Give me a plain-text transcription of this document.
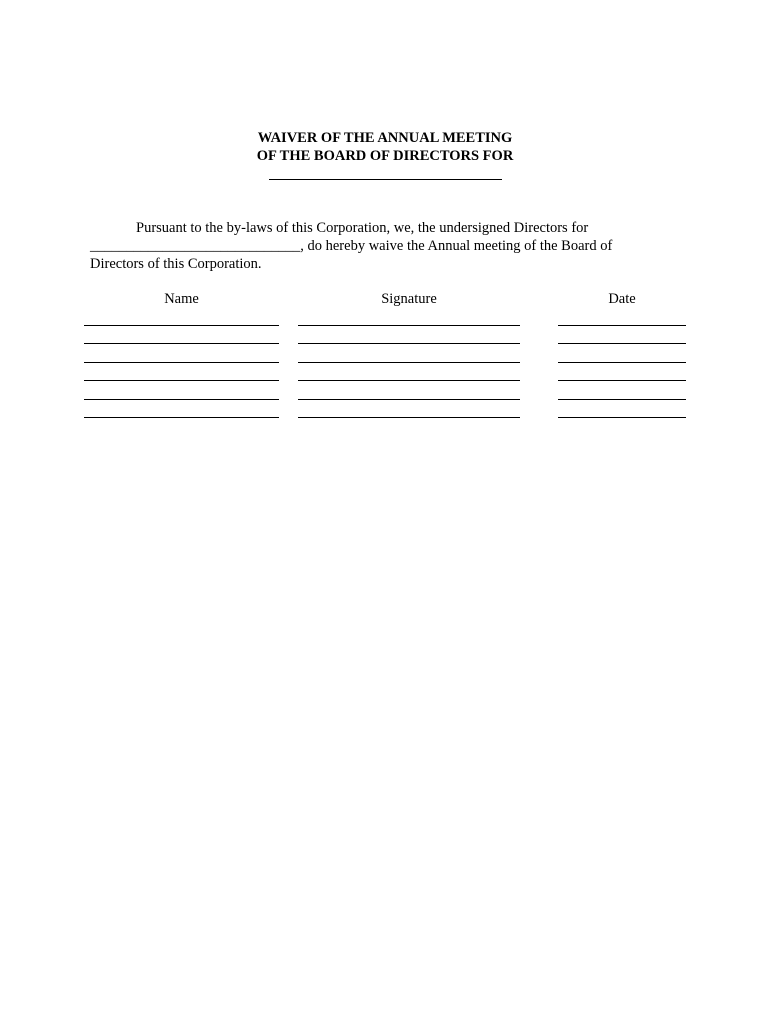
WAIVER OF THE ANNUAL MEETING
OF THE BOARD OF DIRECTORS FOR
Pursuant to the by-laws of this Corporation, we, the undersigned Directors for
_____________________________, do hereby waive the Annual meeting of the Board of
Directors of this Corporation.
Name	Signature	Date
